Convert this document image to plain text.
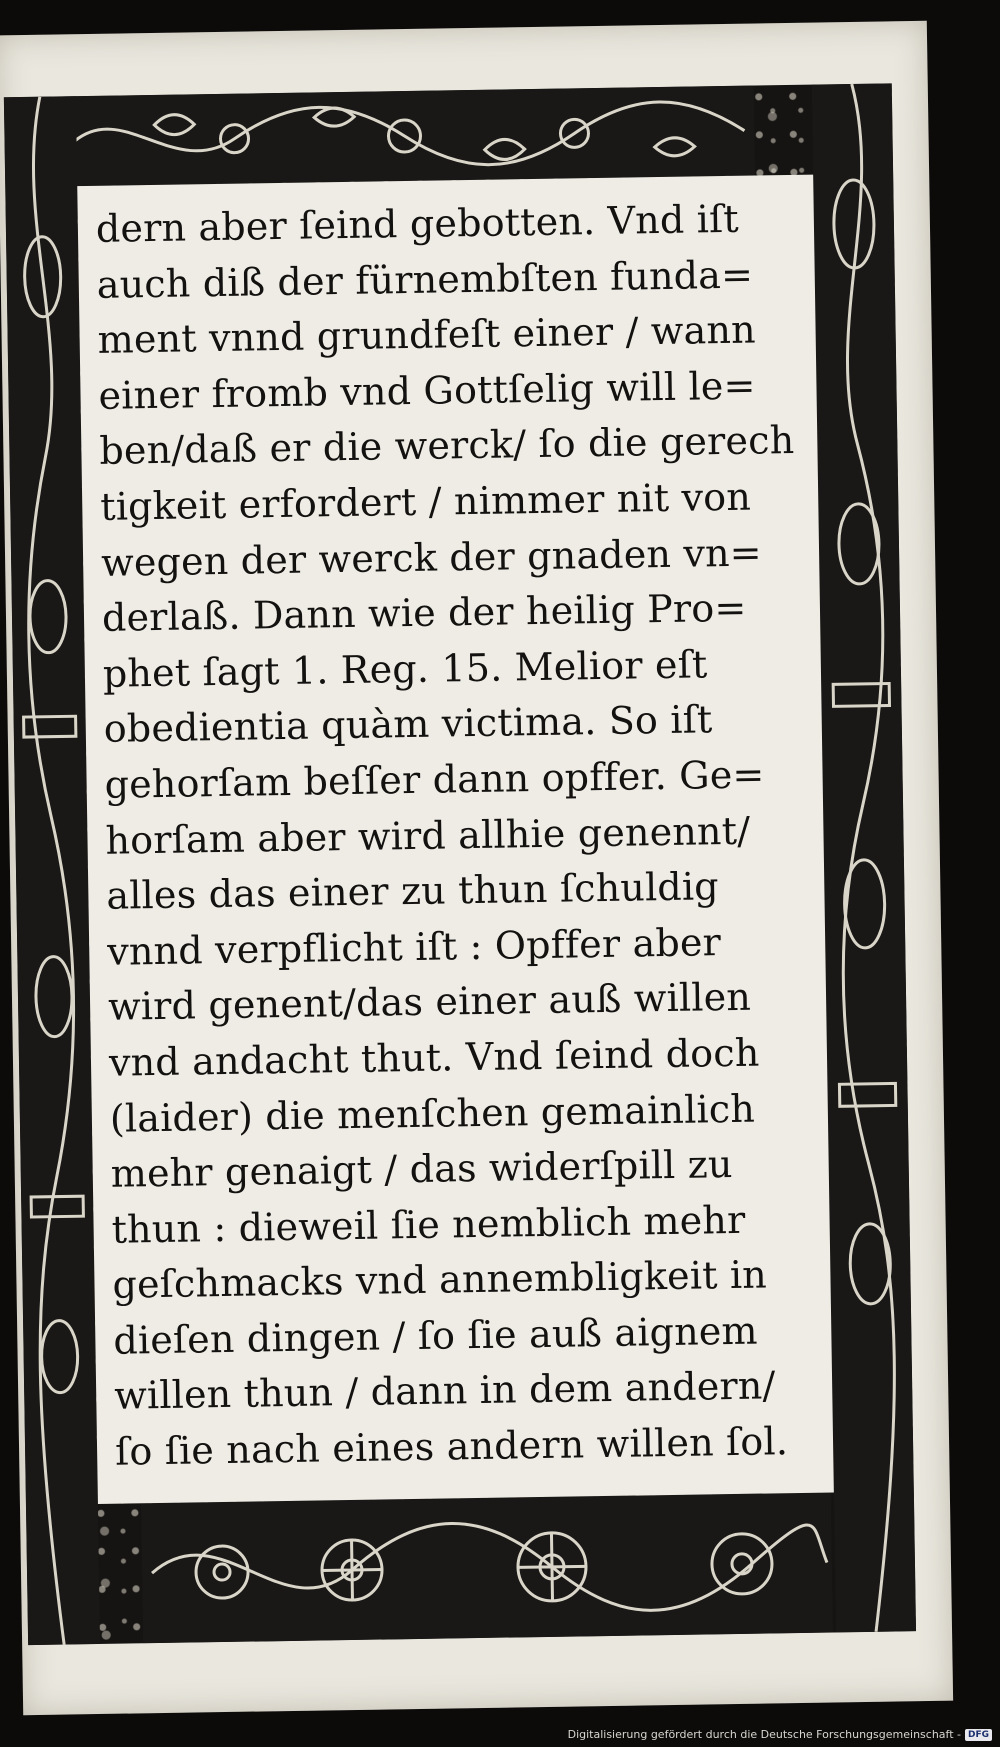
dern aber ſeind gebotten. Vnd iſt
auch diß der fürnembſten funda=
ment vnnd grundfeſt einer / wann
einer fromb vnd Gottſelig will le=
ben/daß er die werck/ ſo die gerech
tigkeit erfordert / nimmer nit von
wegen der werck der gnaden vn=
derlaß. Dann wie der heilig Pro=
phet ſagt 1. Reg. 15. Melior eſt
obedientia quàm victima. So iſt
gehorſam beſſer dann opffer. Ge=
horſam aber wird allhie genennt/
alles das einer zu thun ſchuldig
vnnd verpflicht iſt : Opffer aber
wird genent/das einer auß willen
vnd andacht thut. Vnd ſeind doch
(laider) die menſchen gemainlich
mehr genaigt / das widerſpill zu
thun : dieweil ſie nemblich mehr
geſchmacks vnd annembligkeit in
dieſen dingen / ſo ſie auß aignem
willen thun / dann in dem andern/
ſo ſie nach eines andern willen ſol.
Digitalisierung gefördert durch die Deutsche Forschungsgemeinschaft - DFG
